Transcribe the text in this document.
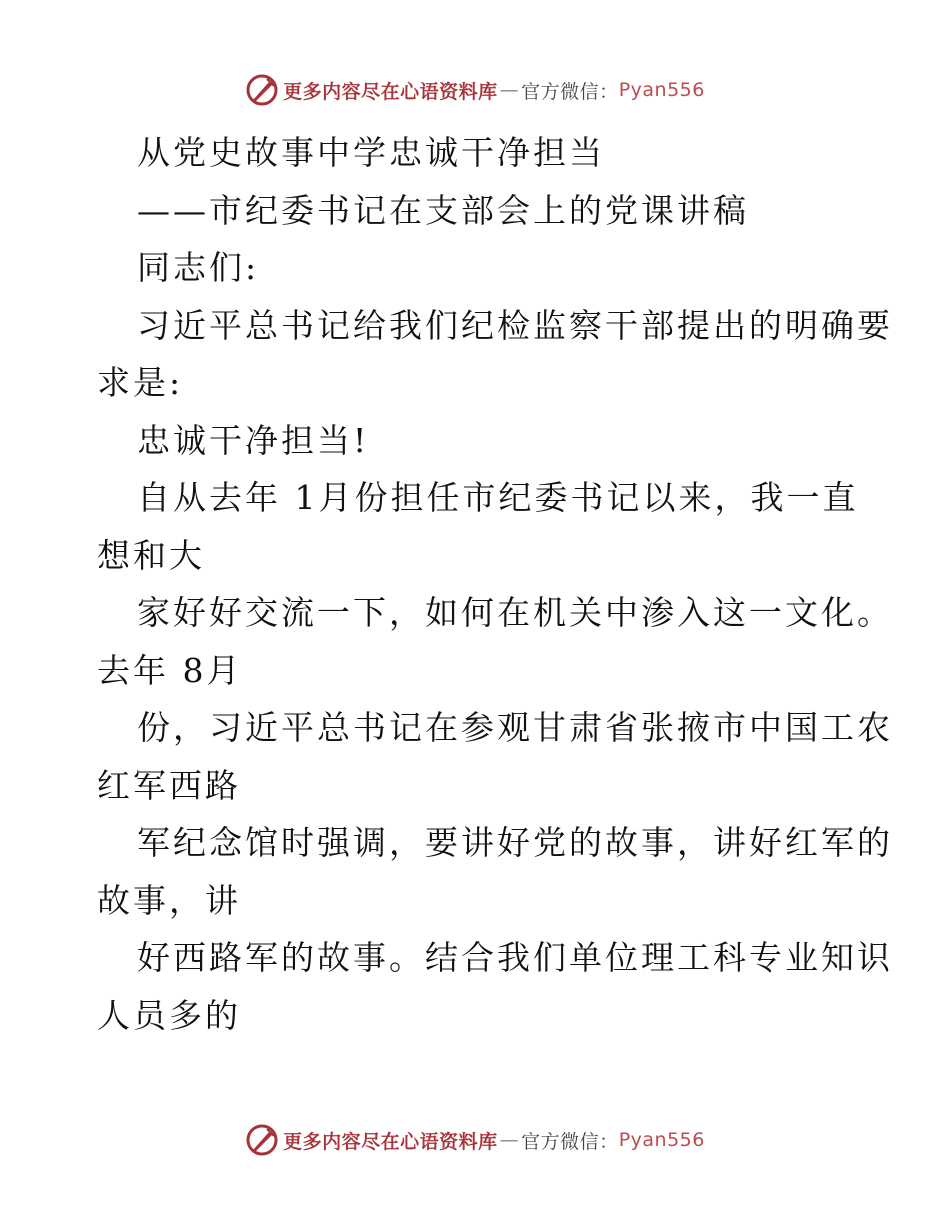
更多内容尽在心语资料库 — 官方微信： Pyan556
从党史故事中学忠诚干净担当
——市纪委书记在支部会上的党课讲稿
同志们:
习近平总书记给我们纪检监察干部提出的明确要
求是:
忠诚干净担当!
自从去年 1月份担任市纪委书记以来，我一直
想和大
家好好交流一下，如何在机关中渗入这一文化。
去年 8月
份，习近平总书记在参观甘肃省张掖市中国工农
红军西路
军纪念馆时强调，要讲好党的故事，讲好红军的
故事，讲
好西路军的故事。结合我们单位理工科专业知识
人员多的
更多内容尽在心语资料库 — 官方微信： Pyan556
